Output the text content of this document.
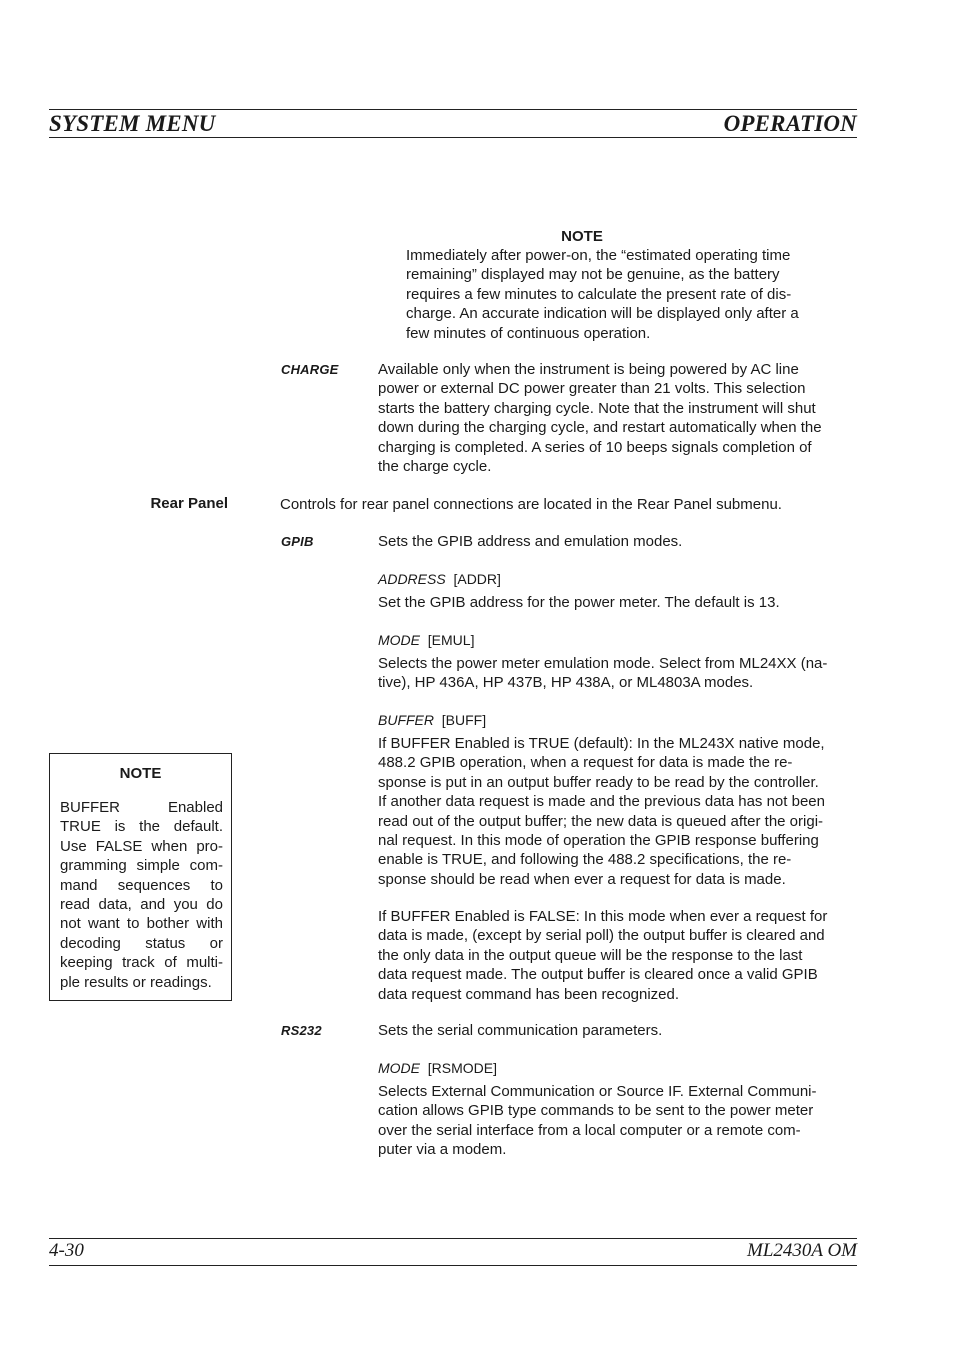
SYSTEM MENU	OPERATION
NOTE
Immediately after power-on, the “estimated operating time
remaining” displayed may not be genuine, as the battery
requires a few minutes to calculate the present rate of dis-
charge. An accurate indication will be displayed only after a
few minutes of continuous operation.
CHARGE	Available only when the instrument is being powered by AC line
power or external DC power greater than 21 volts. This selection
starts the battery charging cycle. Note that the instrument will shut
down during the charging cycle, and restart automatically when the
charging is completed. A series of 10 beeps signals completion of
the charge cycle.
Rear Panel	Controls for rear panel connections are located in the Rear Panel submenu.
GPIB	Sets the GPIB address and emulation modes.
ADDRESS [ADDR]
Set the GPIB address for the power meter. The default is 13.
MODE [EMUL]
Selects the power meter emulation mode. Select from ML24XX (na-
tive), HP 436A, HP 437B, HP 438A, or ML4803A modes.
BUFFER [BUFF]
If BUFFER Enabled is TRUE (default): In the ML243X native mode,
488.2 GPIB operation, when a request for data is made the re-
sponse is put in an output buffer ready to be read by the controller.
If another data request is made and the previous data has not been
read out of the output buffer; the new data is queued after the origi-
nal request. In this mode of operation the GPIB response buffering
enable is TRUE, and following the 488.2 specifications, the re-
sponse should be read when ever a request for data is made.
If BUFFER Enabled is FALSE: In this mode when ever a request for
data is made, (except by serial poll) the output buffer is cleared and
the only data in the output queue will be the response to the last
data request made. The output buffer is cleared once a valid GPIB
data request command has been recognized.
NOTE
BUFFER Enabled
TRUE is the default.
Use FALSE when pro-
gramming simple com-
mand sequences to
read data, and you do
not want to bother with
decoding status or
keeping track of multi-
ple results or readings.
RS232	Sets the serial communication parameters.
MODE [RSMODE]
Selects External Communication or Source IF. External Communi-
cation allows GPIB type commands to be sent to the power meter
over the serial interface from a local computer or a remote com-
puter via a modem.
4-30	ML2430A OM
